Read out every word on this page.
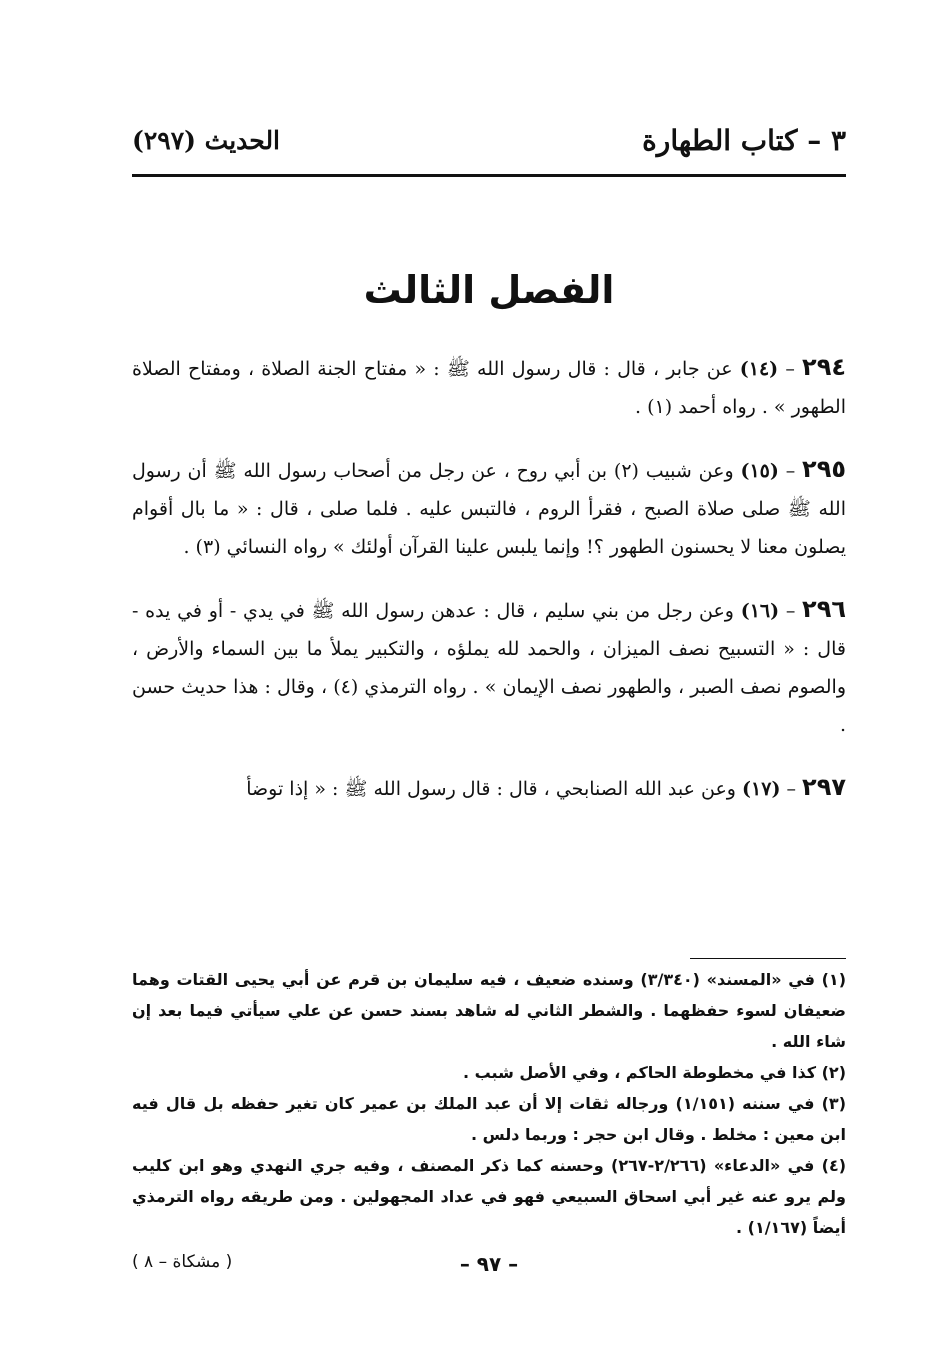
٣ – كتاب الطهارة
الحديث (٢٩٧)
الفصل الثالث

٢٩٤ – (١٤) عن جابر ، قال : قال رسول الله ﷺ : « مفتاح الجنة الصلاة ، ومفتاح الصلاة الطهور » . رواه أحمد (١) .

٢٩٥ – (١٥) وعن شبيب (٢) بن أبي روح ، عن رجل من أصحاب رسول الله ﷺ أن رسول الله ﷺ صلى صلاة الصبح ، فقرأ الروم ، فالتبس عليه . فلما صلى ، قال : « ما بال أقوام يصلون معنا لا يحسنون الطهور ؟! وإنما يلبس علينا القرآن أولئك » رواه النسائي (٣) .

٢٩٦ – (١٦) وعن رجل من بني سليم ، قال : عدهن رسول الله ﷺ في يدي - أو في يده - قال : « التسبيح نصف الميزان ، والحمد لله يملؤه ، والتكبير يملأ ما بين السماء والأرض ، والصوم نصف الصبر ، والطهور نصف الإيمان » . رواه الترمذي (٤) ، وقال : هذا حديث حسن .

٢٩٧ – (١٧) وعن عبد الله الصنابحي ، قال : قال رسول الله ﷺ : « إذا توضأ

(١) في «المسند» (٣/٣٤٠) وسنده ضعيف ، فيه سليمان بن قرم عن أبي يحيى القتات وهما ضعيفان لسوء حفظهما . والشطر الثاني له شاهد بسند حسن عن علي سيأتي فيما بعد إن شاء الله .

(٢) كذا في مخطوطة الحاكم ، وفي الأصل شبب .

(٣) في سننه (١/١٥١) ورجاله ثقات إلا أن عبد الملك بن عمير كان تغير حفظه بل قال فيه ابن معين : مخلط . وقال ابن حجر : وربما دلس .

(٤) في «الدعاء» (٢/٢٦٦-٢٦٧) وحسنه كما ذكر المصنف ، وفيه جري النهدي وهو ابن كليب ولم يرو عنه غير أبي اسحاق السبيعي فهو في عداد المجهولين . ومن طريقه رواه الترمذي أيضاً (١/١٦٧) .

– ٩٧ –
( مشكاة – ٨ )
